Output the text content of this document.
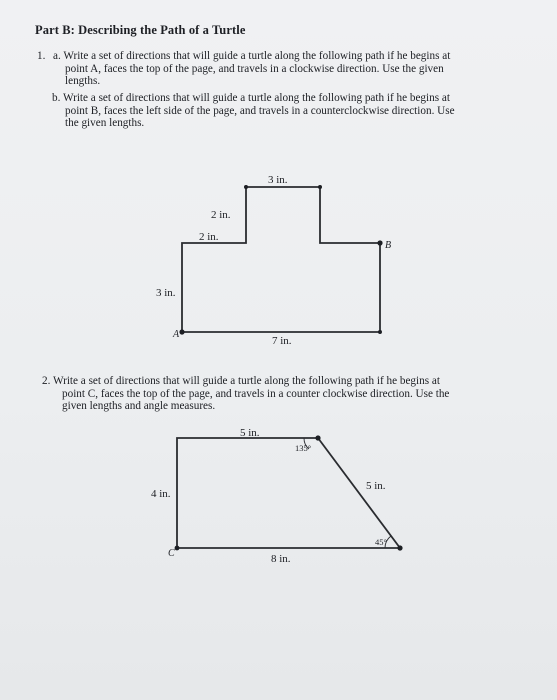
Part B: Describing the Path of a Turtle
1. a. Write a set of directions that will guide a turtle along the following path if he begins at
point A, faces the top of the page, and travels in a clockwise direction. Use the given
lengths.
b. Write a set of directions that will guide a turtle along the following path if he begins at
point B, faces the left side of the page, and travels in a counterclockwise direction. Use
the given lengths.
2. Write a set of directions that will guide a turtle along the following path if he begins at
point C, faces the top of the page, and travels in a counter clockwise direction. Use the
given lengths and angle measures.
3 in.
2 in.
2 in.
3 in.
7 in.
A
B
5 in.
135°
5 in.
4 in.
8 in.
45°
C
